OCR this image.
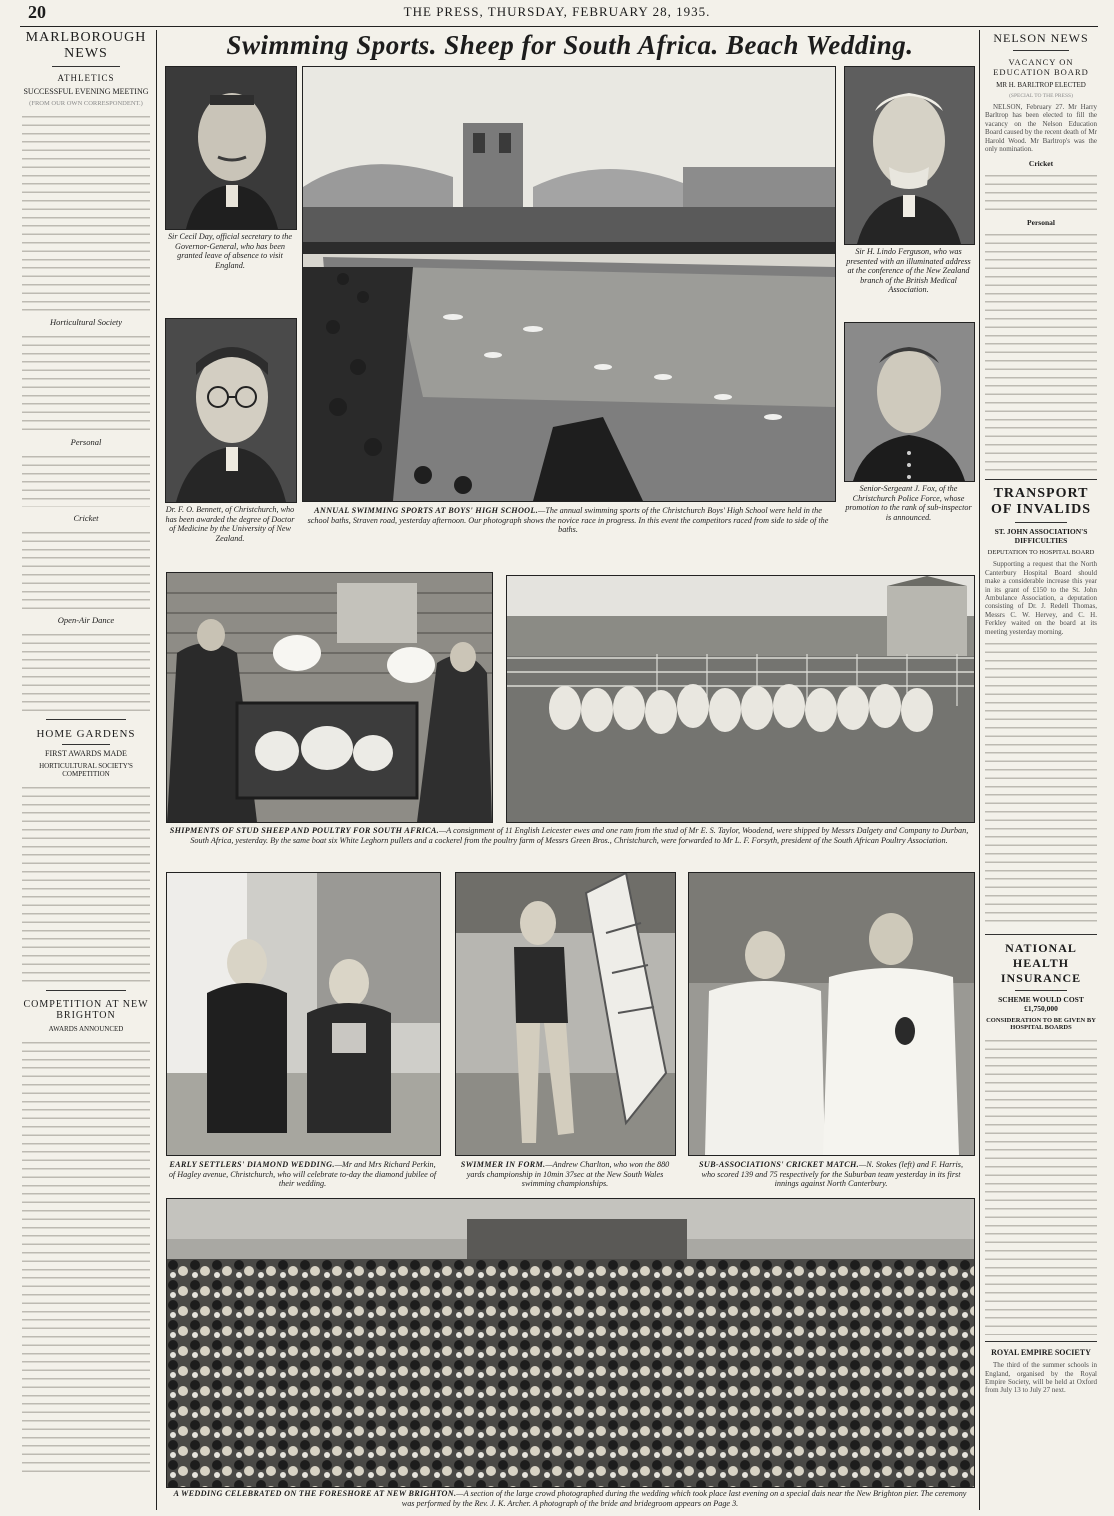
20	THE PRESS, THURSDAY, FEBRUARY 28, 1935.
MARLBOROUGH NEWS
ATHLETICS
SUCCESSFUL EVENING MEETING
(FROM OUR OWN CORRESPONDENT.)
Horticultural Society
Personal
Cricket
Open-Air Dance
HOME GARDENS
FIRST AWARDS MADE
HORTICULTURAL SOCIETY'S COMPETITION
COMPETITION AT NEW BRIGHTON
AWARDS ANNOUNCED
Swimming Sports. Sheep for South Africa. Beach Wedding.
Sir Cecil Day, official secretary to the Governor-General, who has been granted leave of absence to visit England.
Dr. F. O. Bennett, of Christchurch, who has been awarded the degree of Doctor of Medicine by the University of New Zealand.
ANNUAL SWIMMING SPORTS AT BOYS' HIGH SCHOOL.—The annual swimming sports of the Christchurch Boys' High School were held in the school baths, Straven road, yesterday afternoon. Our photograph shows the novice race in progress. In this event the competitors raced from side to side of the baths.
Sir H. Lindo Ferguson, who was presented with an illuminated address at the conference of the New Zealand branch of the British Medical Association.
Senior-Sergeant J. Fox, of the Christchurch Police Force, whose promotion to the rank of sub-inspector is announced.
SHIPMENTS OF STUD SHEEP AND POULTRY FOR SOUTH AFRICA.—A consignment of 11 English Leicester ewes and one ram from the stud of Mr E. S. Taylor, Woodend, were shipped by Messrs Dalgety and Company to Durban, South Africa, yesterday. By the same boat six White Leghorn pullets and a cockerel from the poultry farm of Messrs Green Bros., Christchurch, were forwarded to Mr L. F. Forsyth, president of the South African Poultry Association.
EARLY SETTLERS' DIAMOND WEDDING.—Mr and Mrs Richard Perkin, of Hagley avenue, Christchurch, who will celebrate to-day the diamond jubilee of their wedding.
SWIMMER IN FORM.—Andrew Charlton, who won the 880 yards championship in 10min 37sec at the New South Wales swimming championships.
SUB-ASSOCIATIONS' CRICKET MATCH.—N. Stokes (left) and F. Harris, who scored 139 and 75 respectively for the Suburban team yesterday in its first innings against North Canterbury.
A WEDDING CELEBRATED ON THE FORESHORE AT NEW BRIGHTON.—A section of the large crowd photographed during the wedding which took place last evening on a special dais near the New Brighton pier. The ceremony was performed by the Rev. J. K. Archer. A photograph of the bride and bridegroom appears on Page 3.
NELSON NEWS
VACANCY ON EDUCATION BOARD
MR H. BARLTROP ELECTED
(SPECIAL TO THE PRESS)

NELSON, February 27. Mr Harry Barltrop has been elected to fill the vacancy on the Nelson Education Board caused by the recent death of Mr Harold Wood. Mr Barltrop's was the only nomination.

Cricket
Personal
TRANSPORT OF INVALIDS
ST. JOHN ASSOCIATION'S DIFFICULTIES
DEPUTATION TO HOSPITAL BOARD

Supporting a request that the North Canterbury Hospital Board should make a considerable increase this year in its grant of £150 to the St. John Ambulance Association, a deputation consisting of Dr. J. Redell Thomas, Messrs C. W. Hervey, and C. H. Ferkley waited on the board at its meeting yesterday morning.

NATIONAL HEALTH INSURANCE
SCHEME WOULD COST £1,750,000
CONSIDERATION TO BE GIVEN BY HOSPITAL BOARDS
ROYAL EMPIRE SOCIETY

The third of the summer schools in England, organised by the Royal Empire Society, will be held at Oxford from July 13 to July 27 next.
